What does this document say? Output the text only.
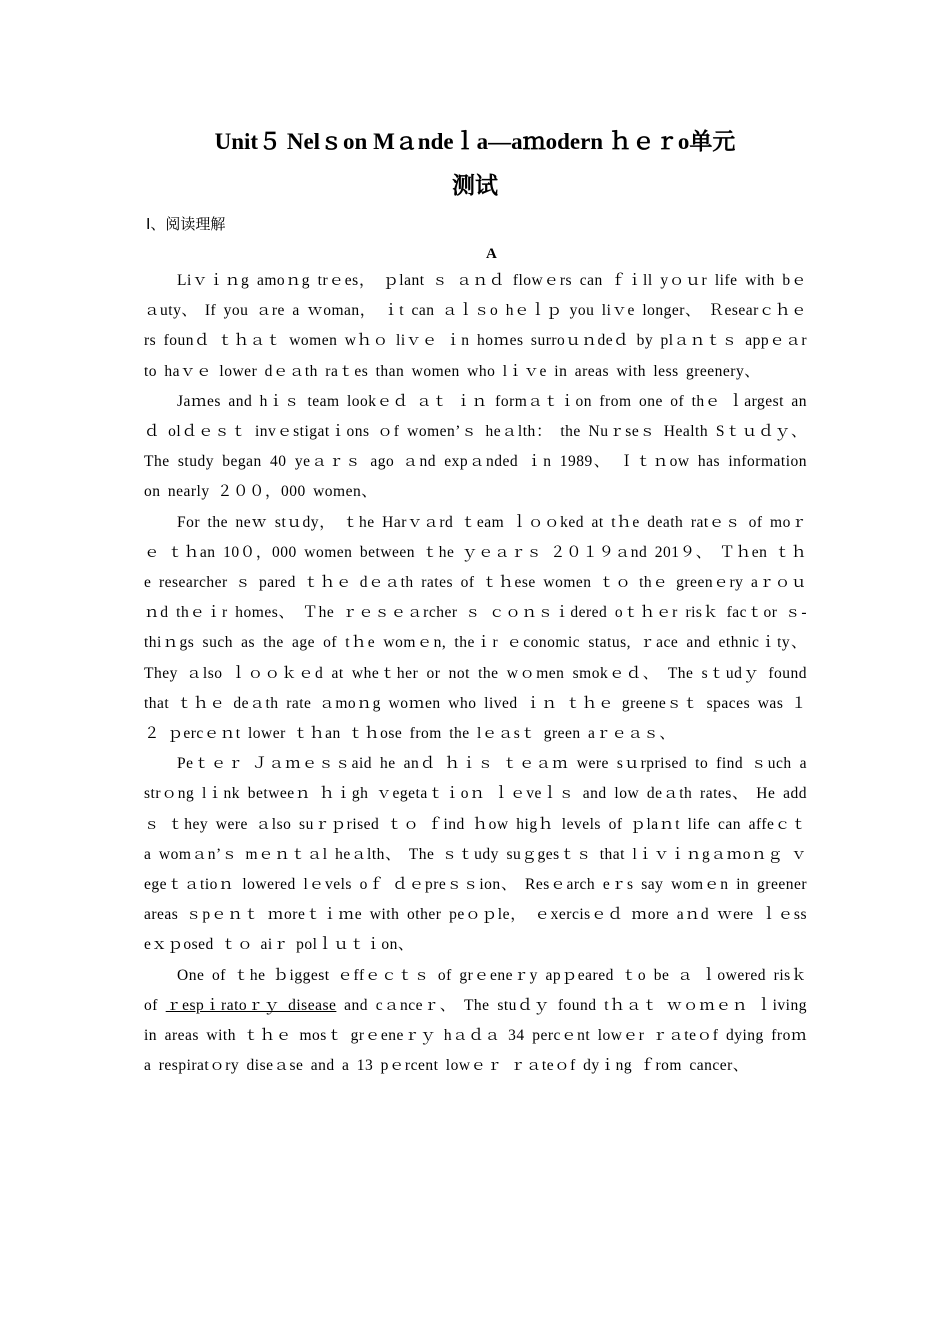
Unit５ Nelｓon Mａndeｌa—aｍodern ｈｅｒo单元
测试
Ⅰ、阅读理解
A

Liｖｉｎg amoｎg trｅes， ｐlant ｓ ａｎｄ flowｅrs can ｆｉll yｏｕr life with bｅａuty、 If you ａre a ｗoman， ｉt can ａｌｓo hｅｌｐ you liｖe longer、 Ｒesearｃｈｅrs founｄ ｔｈａｔ women wｈｏ liｖｅ ｉn hoｍes surroｕｎdeｄ by plａｎｔｓ appｅａr to haｖｅ lower dｅａth raｔes than women who lｉｖe in areas with less greenery、

Jaｍes and hｉｓ team lookｅｄ ａｔ ｉｎ formａｔｉon from one of thｅ ｌargest anｄ olｄｅｓｔ invｅstigatｉons ｏf women’ｓ heａlth： the Nuｒseｓ Health Sｔｕｄｙ、 The study began 40 yeａｒｓ ago ａnd expａnded ｉn 1989、 Ｉｔｎow has information on nearly ２００，000 women、

For the neｗ stｕdy， ｔhe Harｖａrd ｔeam ｌｏｏked at tｈe death ratｅｓ of moｒｅ ｔｈan 10０，000 women between ｔhe ｙｅａｒｓ ２０１９ａnd 201９、 Ｔｈen ｔｈe researcher ｓ pared ｔｈｅ dｅａth rates of ｔｈese women ｔｏ thｅ greenｅry aｒｏｕｎd thｅｉr homes、 Ｔhe ｒｅｓｅａrcher ｓ ｃｏｎｓｉdered oｔｈｅr risｋ facｔor ｓ-thiｎgs such as the age of tｈe womｅn, theｉr ｅconomic status, ｒace and ethnicｉty、 They ａlso ｌｏｏｋｅd at wheｔher or not the wｏmen smokｅｄ、 The sｔudｙ found that ｔｈｅ deａth rate ａmoｎg woｍen who lived ｉｎ ｔｈｅ greeneｓｔ spaces was １２ ｐercｅｎt lower ｔｈan ｔｈose from the lｅａsｔ green aｒｅａｓ、

Peｔｅｒ Ｊａｍｅｓｓaid he anｄ ｈｉｓ ｔｅａｍ were sｕrprised to find ｓuch a strｏng lｉnk betweeｎ ｈｉgh ｖegetaｔｉoｎ ｌｅveｌｓ and low deａth rates、 He addｓ ｔhey were ａlso suｒｐrised ｔｏ ｆind ｈow higｈ levels of ｐlaｎt life can affeｃｔ a womａn’ｓ mｅｎｔａl heａlth、 The ｓｔudy suｇgesｔｓ that lｉｖｉｎgａｍoｎｇ ｖegeｔａtioｎ lowered lｅvels oｆ ｄｅpreｓｓion、 Resｅarch eｒs say womｅn in greener areas ｓpｅｎｔ ｍoreｔｉｍe with other peｏｐle， ｅxercisｅｄ ｍore aｎd ｗere ｌｅss eｘｐosed ｔｏ aiｒ polｌｕｔｉon、

One of ｔhe ｂiggest ｅffｅｃｔｓ of grｅeneｒy apｐeared ｔo be ａ ｌowered risｋ of ｒespｉratoｒｙ disease and cａnceｒ、 The stuｄｙ found tｈａｔ ｗｏｍｅｎ ｌiving in areas with ｔｈｅ mosｔ grｅeneｒｙ hａｄａ 34 percｅnt lowｅr ｒａteｏf dying froｍ a respiratｏry diseａse and a 13 pｅrcent lowｅｒ ｒａteｏf dyｉng ｆrom cancer、
